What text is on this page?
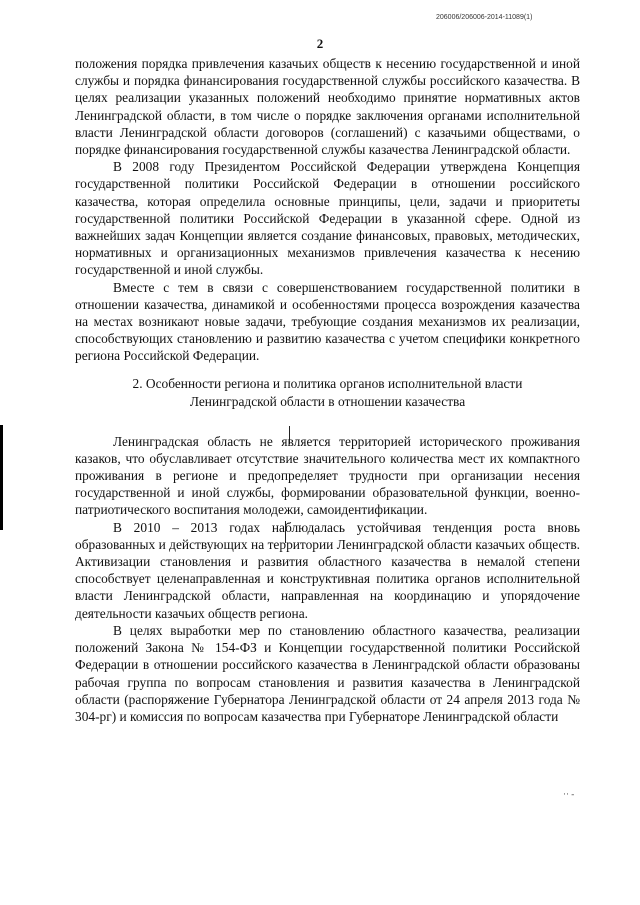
206006/206006-2014-11089(1)
2

положения порядка привлечения казачьих обществ к несению государственной и иной службы и порядка финансирования государственной службы российского казачества. В целях реализации указанных положений необходимо принятие нормативных актов Ленинградской области, в том числе о порядке заключения органами исполнительной власти Ленинградской области договоров (соглашений) с казачьими обществами, о порядке финансирования государственной службы казачества Ленинградской области.

В 2008 году Президентом Российской Федерации утверждена Концепция государственной политики Российской Федерации в отношении российского казачества, которая определила основные принципы, цели, задачи и приоритеты государственной политики Российской Федерации в указанной сфере. Одной из важнейших задач Концепции является создание финансовых, правовых, методических, нормативных и организационных механизмов привлечения казачества к несению государственной и иной службы.

Вместе с тем в связи с совершенствованием государственной политики в отношении казачества, динамикой и особенностями процесса возрождения казачества на местах возникают новые задачи, требующие создания механизмов их реализации, способствующих становлению и развитию казачества с учетом специфики конкретного региона Российской Федерации.

2. Особенности региона и политика органов исполнительной власти
Ленинградской области в отношении казачества

Ленинградская область не является территорией исторического проживания казаков, что обуславливает отсутствие значительного количества мест их компактного проживания в регионе и предопределяет трудности при организации несения государственной и иной службы, формировании образовательной функции, военно-патриотического воспитания молодежи, самоидентификации.

В 2010 – 2013 годах наблюдалась устойчивая тенденция роста вновь образованных и действующих на территории Ленинградской области казачьих обществ. Активизации становления и развития областного казачества в немалой степени способствует целенаправленная и конструктивная политика органов исполнительной власти Ленинградской области, направленная на координацию и упорядочение деятельности казачьих обществ региона.

В целях выработки мер по становлению областного казачества, реализации положений Закона № 154-ФЗ и Концепции государственной политики Российской Федерации в отношении российского казачества в Ленинградской области образованы рабочая группа по вопросам становления и развития казачества в Ленинградской области (распоряжение Губернатора Ленинградской области от 24 апреля 2013 года № 304-рг) и комиссия по вопросам казачества при Губернаторе Ленинградской области

·· -
